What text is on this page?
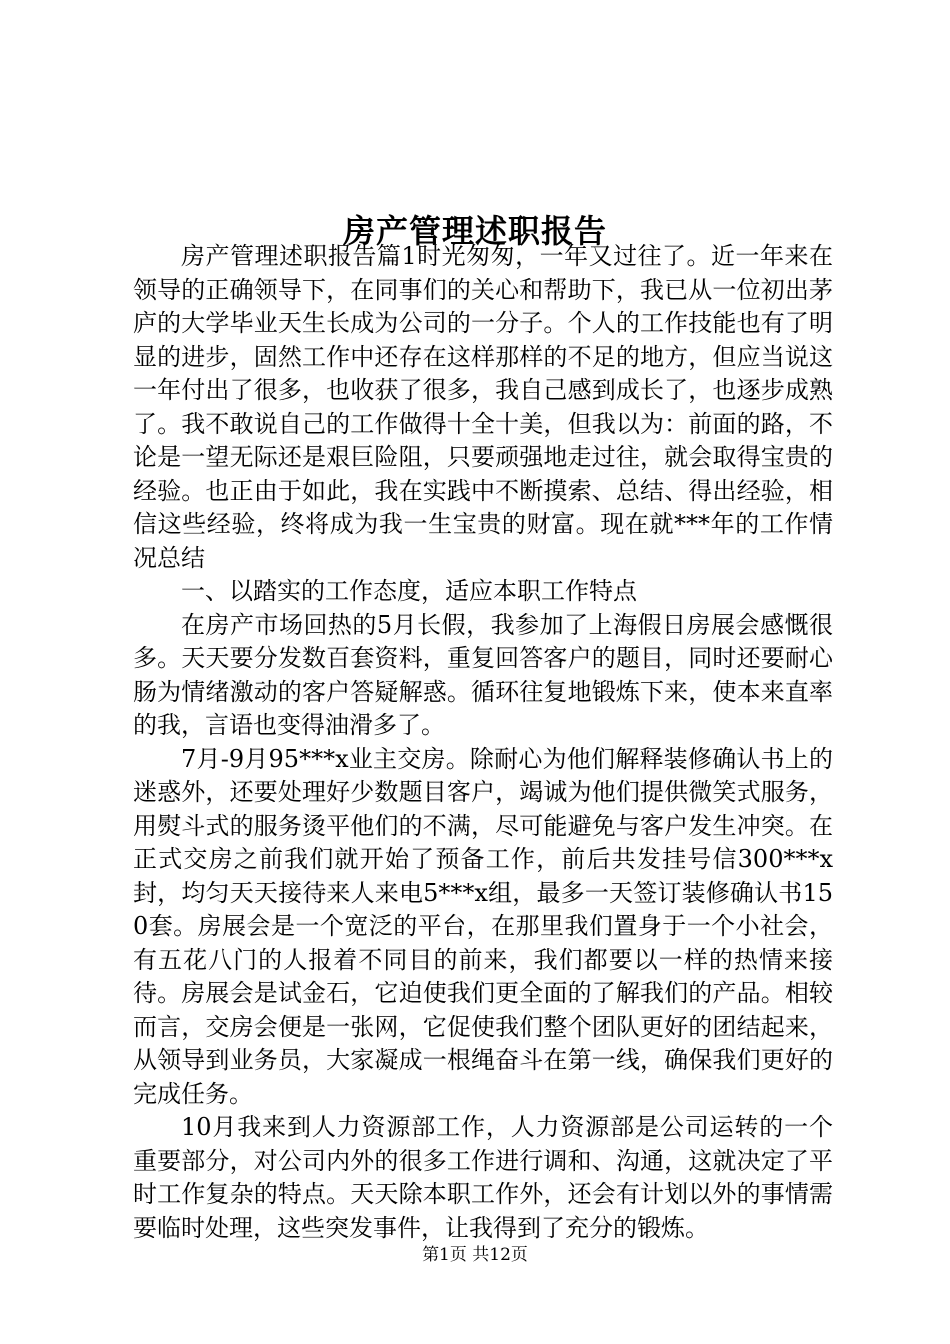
房产管理述职报告

房产管理述职报告篇1时光匆匆，一年又过往了。近一年来在领导的正确领导下，在同事们的关心和帮助下，我已从一位初出茅庐的大学毕业天生长成为公司的一分子。个人的工作技能也有了明显的进步，固然工作中还存在这样那样的不足的地方，但应当说这一年付出了很多，也收获了很多，我自己感到成长了，也逐步成熟了。我不敢说自己的工作做得十全十美，但我以为：前面的路，不论是一望无际还是艰巨险阻，只要顽强地走过往，就会取得宝贵的经验。也正由于如此，我在实践中不断摸索、总结、得出经验，相信这些经验，终将成为我一生宝贵的财富。现在就***年的工作情况总结

一、以踏实的工作态度，适应本职工作特点

在房产市场回热的5月长假，我参加了上海假日房展会感慨很多。天天要分发数百套资料，重复回答客户的题目，同时还要耐心肠为情绪激动的客户答疑解惑。循环往复地锻炼下来，使本来直率的我，言语也变得油滑多了。

7月-9月95***x业主交房。除耐心为他们解释装修确认书上的迷惑外，还要处理好少数题目客户，竭诚为他们提供微笑式服务，用熨斗式的服务烫平他们的不满，尽可能避免与客户发生冲突。在正式交房之前我们就开始了预备工作，前后共发挂号信300***x封，均匀天天接待来人来电5***x组，最多一天签订装修确认书150套。房展会是一个宽泛的平台，在那里我们置身于一个小社会，有五花八门的人报着不同目的前来，我们都要以一样的热情来接待。房展会是试金石，它迫使我们更全面的了解我们的产品。相较而言，交房会便是一张网，它促使我们整个团队更好的团结起来，从领导到业务员，大家凝成一根绳奋斗在第一线，确保我们更好的完成任务。

10月我来到人力资源部工作，人力资源部是公司运转的一个重要部分，对公司内外的很多工作进行调和、沟通，这就决定了平时工作复杂的特点。天天除本职工作外，还会有计划以外的事情需要临时处理，这些突发事件，让我得到了充分的锻炼。

第1页 共12页
